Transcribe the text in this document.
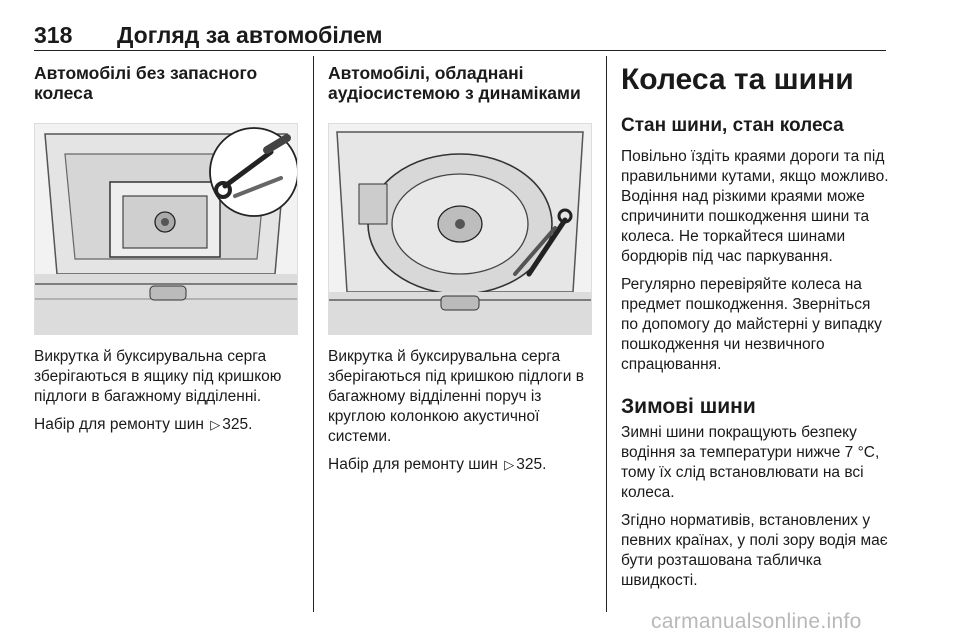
318 Догляд за автомобілем

Автомобілі без запасного колеса

Викрутка й буксирувальна серга зберігаються в ящику під кришкою підлоги в багажному відділенні.

Набір для ремонту шин ▷ 325.

Автомобілі, обладнані аудіосистемою з динаміками

Викрутка й буксирувальна серга зберігаються під кришкою підлоги в багажному відділенні поруч із круглою колонкою акустичної системи.

Набір для ремонту шин ▷ 325.

Колеса та шини

Стан шини, стан колеса

Повільно їздіть краями дороги та під правильними кутами, якщо можливо. Водіння над різкими краями може спричинити пошкодження шини та колеса. Не торкайтеся шинами бордюрів під час паркування.

Регулярно перевіряйте колеса на предмет пошкодження. Зверніться по допомогу до майстерні у випадку пошкодження чи незвичного спрацювання.

Зимові шини

Зимні шини покращують безпеку водіння за температури нижче 7 °C, тому їх слід встановлювати на всі колеса.

Згідно нормативів, встановлених у певних країнах, у полі зору водія має бути розташована табличка швидкості.

carmanualsonline.info
